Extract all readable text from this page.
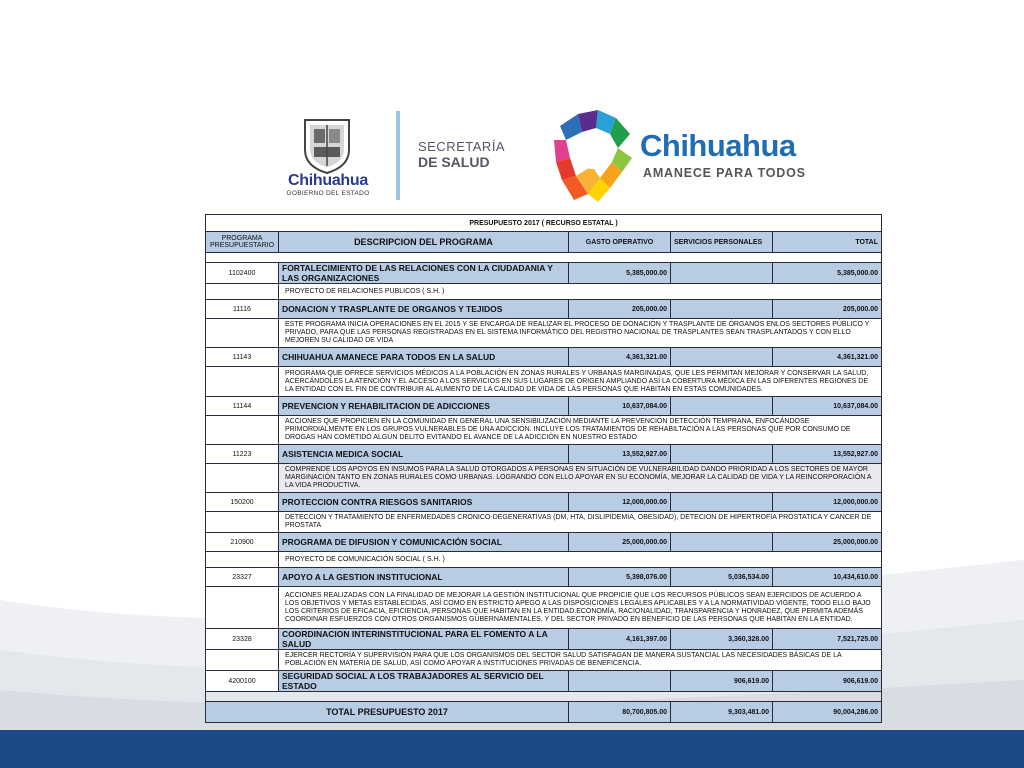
Chihuahua
GOBIERNO DEL ESTADO
SECRETARÍA
DE SALUD	Chihuahua
AMANECE PARA TODOS
PRESUPUESTO 2017 ( RECURSO ESTATAL )				
PROGRAMA PRESUPUESTARIO	DESCRIPCION DEL PROGRAMA	GASTO OPERATIVO	SERVICIOS PERSONALES	TOTAL

1102400	FORTALECIMIENTO DE LAS RELACIONES CON LA CIUDADANIA Y LAS ORGANIZACIONES	5,385,000.00		5,385,000.00
	PROYECTO DE RELACIONES PUBLICOS ( S.H. )			
11116	DONACION Y TRASPLANTE DE ORGANOS Y TEJIDOS	205,000.00		205,000.00
	ESTE PROGRAMA INICIA OPERACIONES EN EL 2015 Y SE ENCARGA DE REALIZAR EL PROCESO DE DONACIÓN Y TRASPLANTE DE ÓRGANOS ENLOS SECTORES PÚBLICO Y PRIVADO, PARA QUE LAS PERSONAS REGISTRADAS EN EL SISTEMA INFORMÁTICO DEL REGISTRO NACIONAL DE TRASPLANTES SEAN TRASPLANTADOS Y CON ELLO MEJOREN SU CALIDAD DE VIDA			
11143	CHIHUAHUA AMANECE PARA TODOS EN LA SALUD	4,361,321.00		4,361,321.00
	PROGRAMA QUE OFRECE SERVICIOS MÉDICOS A LA POBLACIÓN EN ZONAS RURALES Y URBANAS MARGINADAS, QUE LES PERMITAN MEJORAR Y CONSERVAR LA SALUD, ACERCÁNDOLES LA ATENCIÓN Y EL ACCESO A LOS SERVICIOS EN SUS LUGARES DE ORIGEN AMPLIANDO ASÍ LA COBERTURA MÉDICA EN LAS DIFERENTES REGIONES DE LA ENTIDAD CON EL FIN DE CONTRIBUIR AL AUMENTO DE LA CALIDAD DE VIDA DE LAS PERSONAS QUE HABITAN EN ESTAS COMUNIDADES.			
11144	PREVENCION Y REHABILITACION DE ADICCIONES	10,637,084.00		10,637,084.00
	ACCIONES QUE PROPICIEN EN LA COMUNIDAD EN GENERAL UNA SENSIBILIZACIÓN MEDIANTE LA PREVENCIÓN DETECCIÓN TEMPRANA, ENFOCÁNDOSE PRIMORDIALMENTE EN LOS GRUPOS VULNERABLES DE UNA ADICCIÓN. INCLUYE LOS TRATAMIENTOS DE REHABILTACIÓN A LAS PERSONAS QUE POR CONSUMO DE DROGAS HAN COMETIDO ALGÚN DELITO EVITANDO EL AVANCE DE LA ADICCIÓN EN NUESTRO ESTADO			
11223	ASISTENCIA MEDICA SOCIAL	13,552,927.00		13,552,927.00
	COMPRENDE LOS APOYOS EN INSUMOS PARA LA SALUD OTORGADOS A PERSONAS EN SITUACIÓN DE VULNERABILIDAD DANDO PRIORIDAD A LOS SECTORES DE MAYOR MARGINACIÓN TANTO EN ZONAS RURALES COMO URBANAS. LOGRANDO CON ELLO APOYAR EN SU ECONOMÍA, MEJORAR LA CALIDAD DE VIDA Y LA REINCORPORACIÓN A LA VIDA PRODUCTIVA.			
150200	PROTECCION CONTRA RIESGOS SANITARIOS	12,000,000.00		12,000,000.00
	DETECCION Y TRATAMIENTO DE ENFERMEDADES CRONICO-DEGENERATIVAS (DM, HTA, DISLIPIDEMIA, OBESIDAD), DETECION DE HIPERTROFIA PROSTATICA Y CANCER DE PROSTATA			
210900	PROGRAMA DE DIFUSION Y COMUNICACIÓN SOCIAL	25,000,000.00		25,000,000.00
	PROYECTO DE COMUNICACIÓN SOCIAL ( S.H. )			
23327	APOYO A LA GESTION INSTITUCIONAL	5,398,076.00	5,036,534.00	10,434,610.00
	ACCIONES REALIZADAS CON LA FINALIDAD DE MEJORAR LA GESTIÓN INSTITUCIONAL QUE PROPICIE QUE LOS RECURSOS PÚBLICOS SEAN EJERCIDOS DE ACUERDO A LOS OBJETIVOS Y METAS ESTABLECIDAS, ASÍ COMO EN ESTRICTO APEGO A LAS DISPOSICIONES LEGALES APLICABLES Y A LA NORMATIVIDAD VIGENTE, TODO ELLO BAJO LOS CRITERIOS DE EFICACIA, EFICIENCIA, PERSONAS QUE HABITAN EN LA ENTIDAD.ECONOMÍA, RACIONALIDAD, TRANSPARENCIA Y HONRADEZ, QUE PERMITA ADEMÁS COORDINAR ESFUERZOS CON OTROS ORGANISMOS GUBERNAMENTALES, Y DEL SECTOR PRIVADO EN BENEFICIO DE LAS PERSONAS QUE HABITAN EN LA ENTIDAD.			
23328	COORDINACION INTERINSTITUCIONAL PARA EL FOMENTO A LA SALUD	4,161,397.00	3,360,328.00	7,521,725.00
	EJERCER RECTORÍA Y SUPERVISIÓN PARA QUE LOS ORGANISMOS DEL SECTOR SALUD SATISFAGAN DE MANERA SUSTANCIAL LAS NECESIDADES BÁSICAS DE LA POBLACIÓN EN MATERIA DE SALUD, ASÍ COMO APOYAR A INSTITUCIONES PRIVADAS DE BENEFICENCIA.			
4200100	SEGURIDAD SOCIAL A LOS TRABAJADORES AL SERVICIO DEL ESTADO		906,619.00	906,619.00

TOTAL PRESUPUESTO 2017		80,700,805.00	9,303,481.00	90,004,286.00
